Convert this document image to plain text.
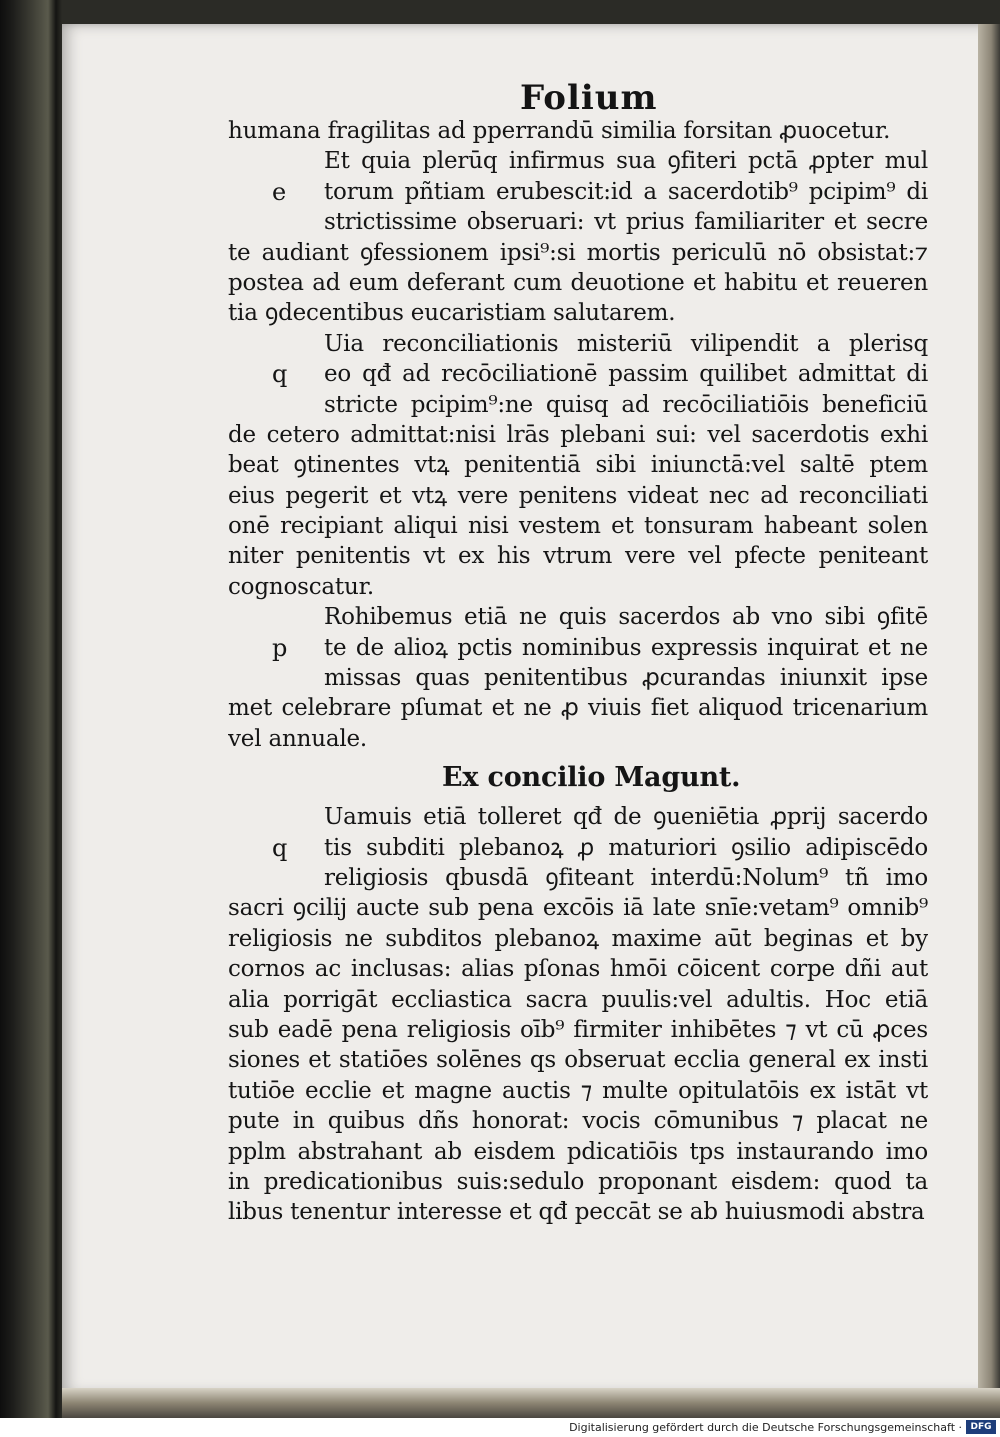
Folium
humana fragilitas ad pperrandū similia forsitan ꝓuocetur.
e
Et quia plerūq infirmus sua ꝯfiteri pctā ꝓpter mul
torum pñtiam erubescit:id a sacerdotib⁹ pcipim⁹ di
strictissime obseruari: vt prius familiariter et secre
te audiant ꝯfessionem ipsi⁹:si mortis periculū nō obsistat:⁊
postea ad eum deferant cum deuotione et habitu et reueren
tia ꝯdecentibus eucaristiam salutarem.
q
Uia reconciliationis misteriū vilipendit a plerisq
eo qđ ad recōciliationē passim quilibet admittat di
stricte pcipim⁹:ne quisq ad recōciliatiōis beneficiū
de cetero admittat:nisi lrās plebani sui: vel sacerdotis exhi
beat ꝯtinentes vtꝝ penitentiā sibi iniunctā:vel saltē ptem
eius pegerit et vtꝝ vere penitens videat nec ad reconciliati
onē recipiant aliqui nisi vestem et tonsuram habeant solen
niter penitentis vt ex his vtrum vere vel pfecte peniteant
cognoscatur.
p
Rohibemus etiā ne quis sacerdos ab vno sibi ꝯfitē
te de alioꝝ pctis nominibus expressis inquirat et ne
missas quas penitentibus ꝓcurandas iniunxit ipse
met celebrare pſumat et ne ꝓ viuis fiet aliquod tricenarium
vel annuale.
Ex concilio Magunt.
q
Uamuis etiā tolleret qđ de ꝯueniētia ꝓprij sacerdo
tis subditi plebanoꝝ ꝓ maturiori ꝯsilio adipiscēdo
religiosis qbusdā ꝯfiteant interdū:Nolum⁹ tñ imo
sacri ꝯcilij aucte sub pena excōis iā late snīe:vetam⁹ omnib⁹
religiosis ne subditos plebanoꝝ maxime aūt beginas et by
cornos ac inclusas: alias pſonas hmōi cōicent corpe dñi aut
alia porrigāt eccliastica sacra puulis:vel adultis. Hoc etiā
sub eadē pena religiosis oīb⁹ firmiter inhibētes ⁊ vt cū ꝓces
siones et statiōes solēnes qs obseruat ecclia general ex insti
tutiōe ecclie et magne auctis ⁊ multe opitulatōis ex istāt vt
pute in quibus dñs honorat: vocis cōmunibus ⁊ placat ne
pplm abstrahant ab eisdem pdicatiōis tps instaurando imo
in predicationibus suis:sedulo proponant eisdem: quod ta
libus tenentur interesse et qđ peccāt se ab huiusmodi abstra
Digitalisierung gefördert durch die Deutsche Forschungsgemeinschaft · DFG
